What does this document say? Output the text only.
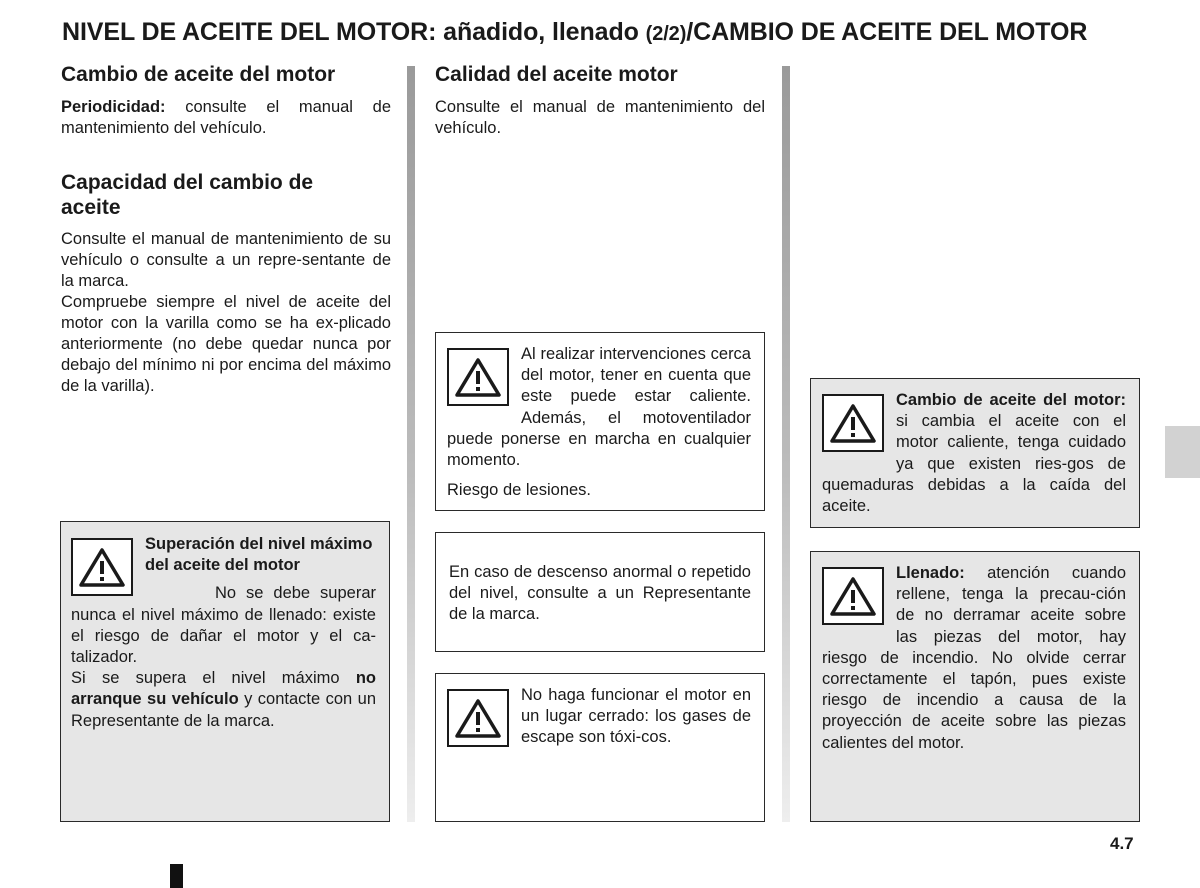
NIVEL DE ACEITE DEL MOTOR: añadido, llenado (2/2)/CAMBIO DE ACEITE DEL MOTOR
Cambio de aceite del motor

Periodicidad: consulte el manual de mantenimiento del vehículo.

Capacidad del cambio de aceite

Consulte el manual de mantenimiento de su vehículo o consulte a un repre-sentante de la marca.

Compruebe siempre el nivel de aceite del motor con la varilla como se ha ex-plicado anteriormente (no debe quedar nunca por debajo del mínimo ni por encima del máximo de la varilla).

Superación del nivel máximo del aceite del motor

No se debe superar nunca el nivel máximo de llenado: existe el riesgo de dañar el motor y el ca-talizador.

Si se supera el nivel máximo no arranque su vehículo y contacte con un Representante de la marca.

Calidad del aceite motor

Consulte el manual de mantenimiento del vehículo.

Al realizar intervenciones cerca del motor, tener en cuenta que este puede estar caliente. Además, el motoventilador puede ponerse en marcha en cualquier momento.

Riesgo de lesiones.

En caso de descenso anormal o repetido del nivel, consulte a un Representante de la marca.

No haga funcionar el motor en un lugar cerrado: los gases de escape son tóxi-cos.

Cambio de aceite del motor: si cambia el aceite con el motor caliente, tenga cuidado ya que existen ries-gos de quemaduras debidas a la caída del aceite.

Llenado: atención cuando rellene, tenga la precau-ción de no derramar aceite sobre las piezas del motor, hay riesgo de incendio. No olvide cerrar correctamente el tapón, pues existe riesgo de incendio a causa de la proyección de aceite sobre las piezas calientes del motor.

4.7
